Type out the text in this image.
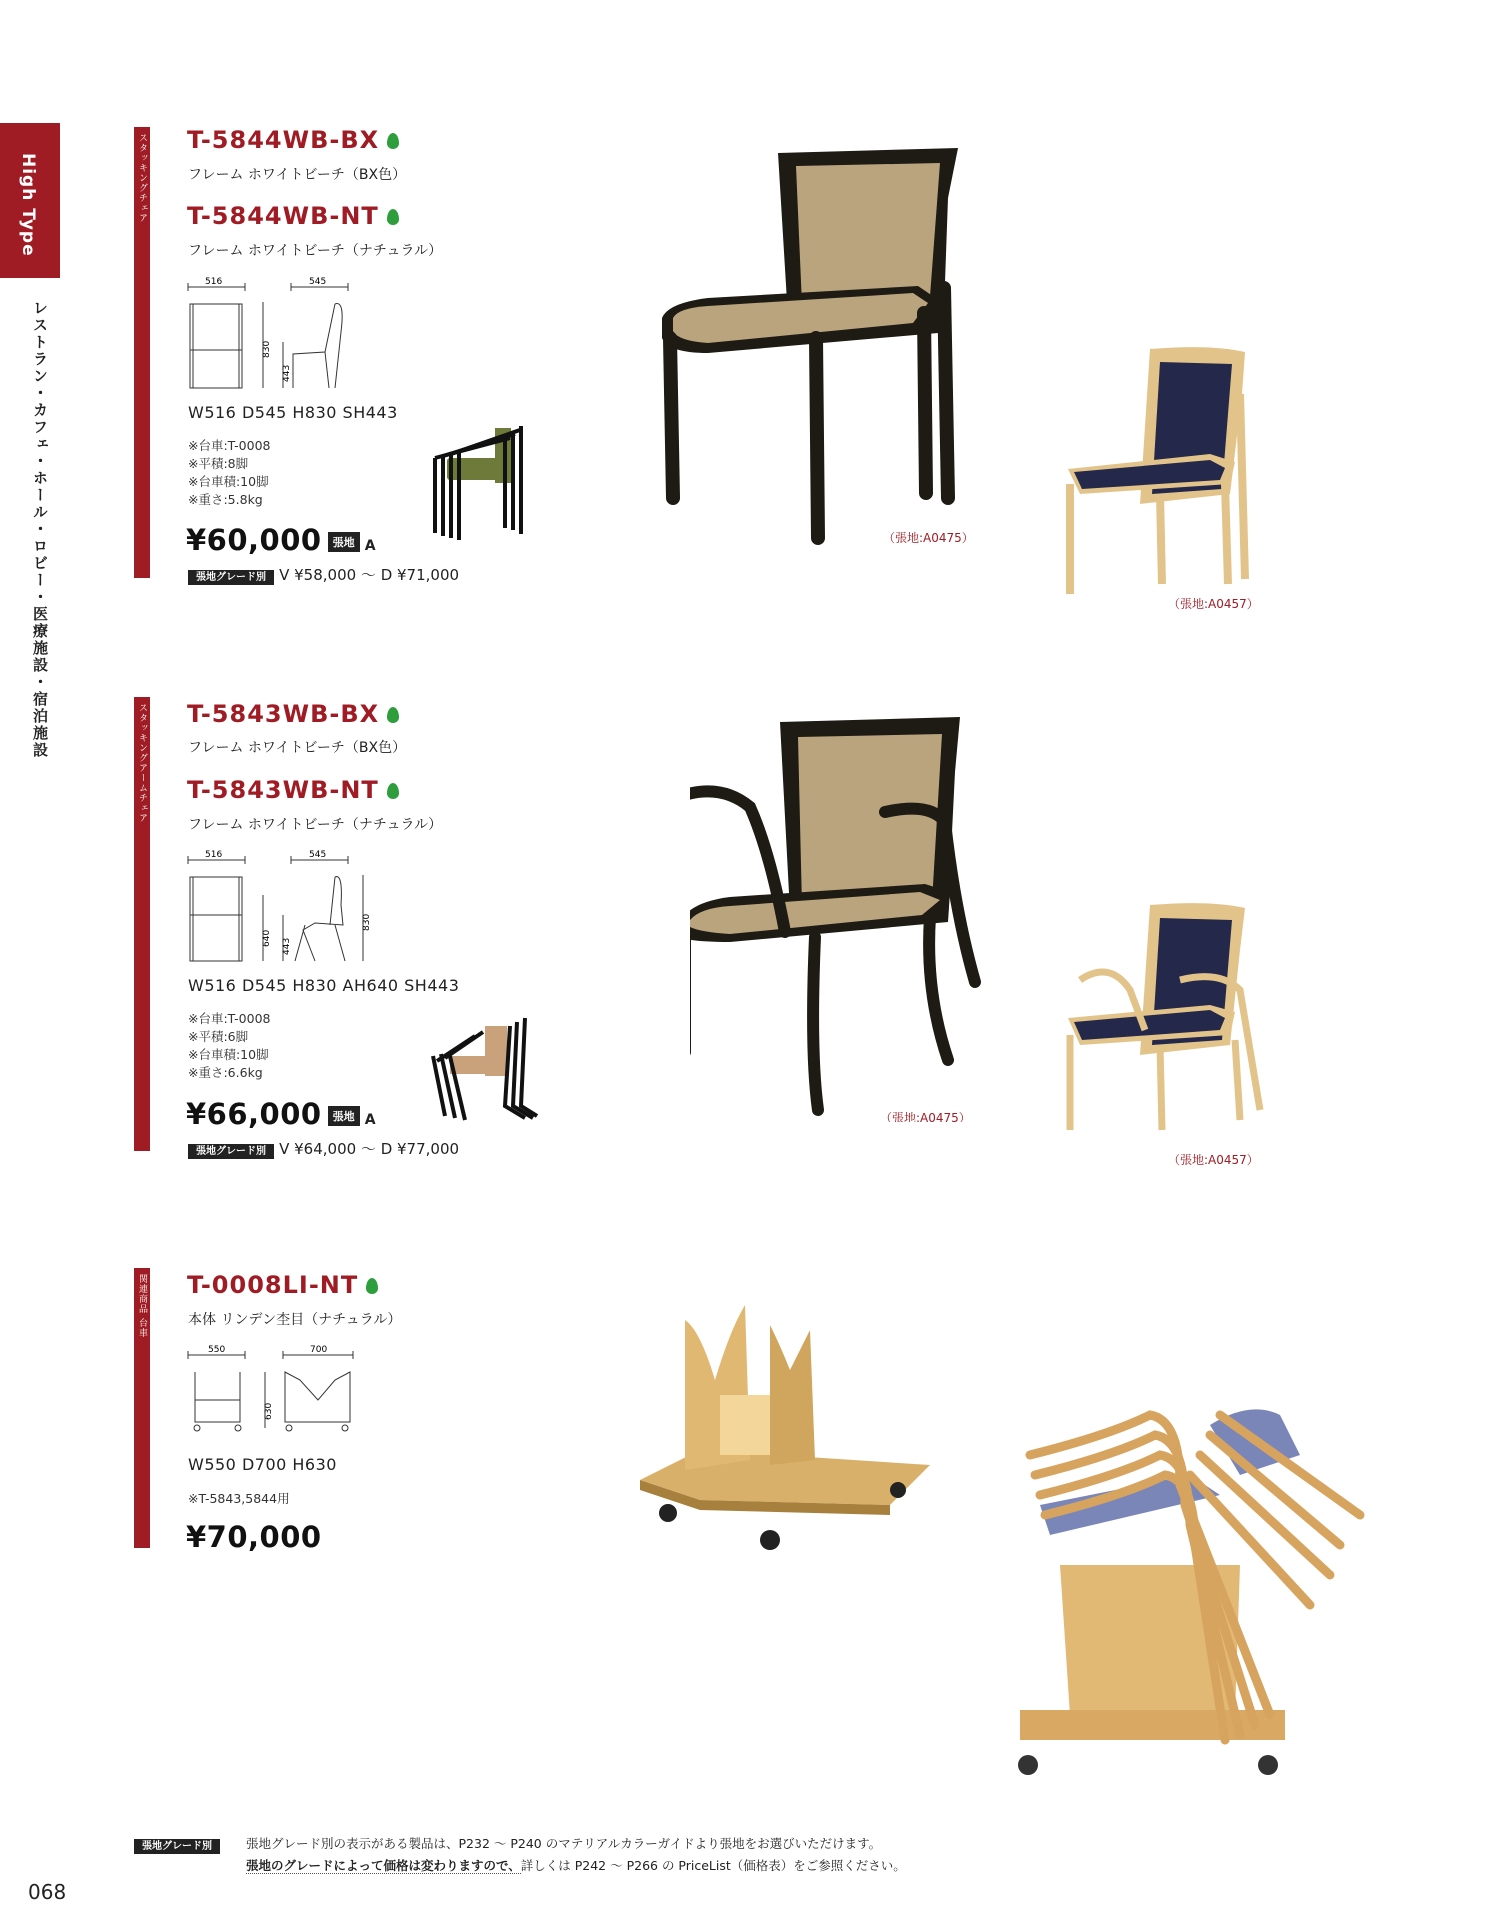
High Type
レストラン・カフェ・ホール・ロビー・医療施設・宿泊施設
スタッキングチェア T-5844WB-BX
フレーム ホワイトビーチ（BX色）
T-5844WB-NT
フレーム ホワイトビーチ（ナチュラル）
516	545
830
443
W516 D545 H830 SH443
※台車:T-0008
※平積:8脚
※台車積:10脚
※重さ:5.8kg
¥60,000 張地 A
張地グレード別 V ¥58,000 〜 D ¥71,000
（張地:A0475）
（張地:A0457）
スタッキングアームチェア T-5843WB-BX
フレーム ホワイトビーチ（BX色）
T-5843WB-NT
フレーム ホワイトビーチ（ナチュラル）
516	545
640 443
830
W516 D545 H830 AH640 SH443
※台車:T-0008
※平積:6脚
※台車積:10脚
※重さ:6.6kg
¥66,000 張地 A
張地グレード別 V ¥64,000 〜 D ¥77,000
（張地:A0475）
（張地:A0457）
関連商品 台車 T-0008LI-NT
本体 リンデン杢目（ナチュラル）
550	700
630
W550 D700 H630
※T-5843,5844用
¥70,000
張地グレード別	張地グレード別の表示がある製品は、P232 〜 P240 のマテリアルカラーガイドより張地をお選びいただけます。
張地のグレードによって価格は変わりますので、詳しくは P242 〜 P266 の PriceList（価格表）をご参照ください。
068
